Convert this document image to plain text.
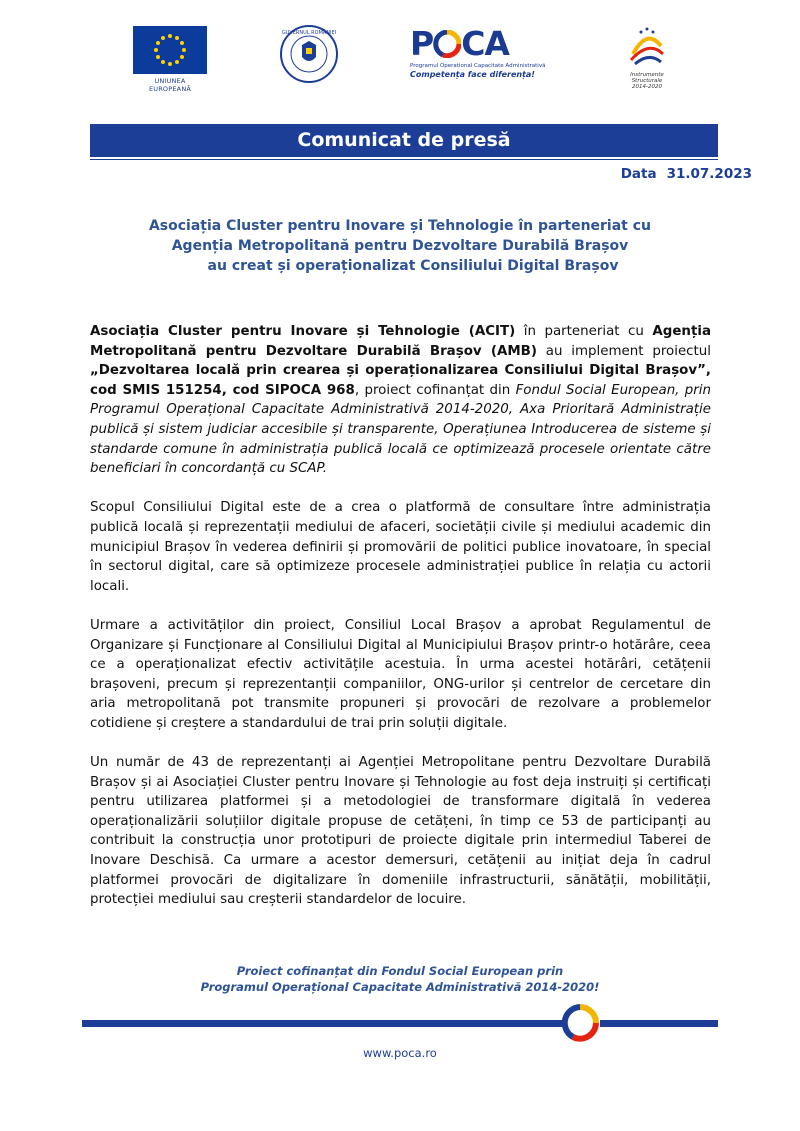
UNIUNEA EUROPEANĂ
GUVERNUL ROMÂNIEI P CA
Programul Operațional Capacitate Administrativă
Competența face diferența!	Instrumente Structurale
2014-2020
Comunicat de presă
Data 31.07.2023
Asociația Cluster pentru Inovare și Tehnologie în parteneriat cu
Agenția Metropolitană pentru Dezvoltare Durabilă Brașov
au creat și operaționalizat Consiliului Digital Brașov

Asociația Cluster pentru Inovare și Tehnologie (ACIT) în parteneriat cu Agenția Metropolitană pentru Dezvoltare Durabilă Brașov (AMB) au implement proiectul „Dezvoltarea locală prin crearea și operaționalizarea Consiliului Digital Brașov”, cod SMIS 151254, cod SIPOCA 968, proiect cofinanțat din Fondul Social European, prin Programul Operațional Capacitate Administrativă 2014-2020, Axa Prioritară Administrație publică și sistem judiciar accesibile și transparente, Operațiunea Introducerea de sisteme și standarde comune în administrația publică locală ce optimizează procesele orientate către beneficiari în concordanță cu SCAP.

Scopul Consiliului Digital este de a crea o platformă de consultare între administrația publică locală și reprezentații mediului de afaceri, societății civile și mediului academic din municipiul Brașov în vederea definirii și promovării de politici publice inovatoare, în special în sectorul digital, care să optimizeze procesele administrației publice în relația cu actorii locali.

Urmare a activităților din proiect, Consiliul Local Brașov a aprobat Regulamentul de Organizare și Funcționare al Consiliului Digital al Municipiului Brașov printr-o hotărâre, ceea ce a operaționalizat efectiv activitățile acestuia. În urma acestei hotărâri, cetățenii brașoveni, precum și reprezentanții companiilor, ONG-urilor și centrelor de cercetare din aria metropolitană pot transmite propuneri și provocări de rezolvare a problemelor cotidiene și creștere a standardului de trai prin soluții digitale.

Un număr de 43 de reprezentanți ai Agenției Metropolitane pentru Dezvoltare Durabilă Brașov și ai Asociației Cluster pentru Inovare și Tehnologie au fost deja instruiți și certificați pentru utilizarea platformei și a metodologiei de transformare digitală în vederea operaționalizării soluțiilor digitale propuse de cetățeni, în timp ce 53 de participanți au contribuit la construcția unor prototipuri de proiecte digitale prin intermediul Taberei de Inovare Deschisă. Ca urmare a acestor demersuri, cetățenii au inițiat deja în cadrul platformei provocări de digitalizare în domeniile infrastructurii, sănătății, mobilității, protecției mediului sau creșterii standardelor de locuire.

Proiect cofinanțat din Fondul Social European prin
Programul Operațional Capacitate Administrativă 2014-2020!
www.poca.ro
